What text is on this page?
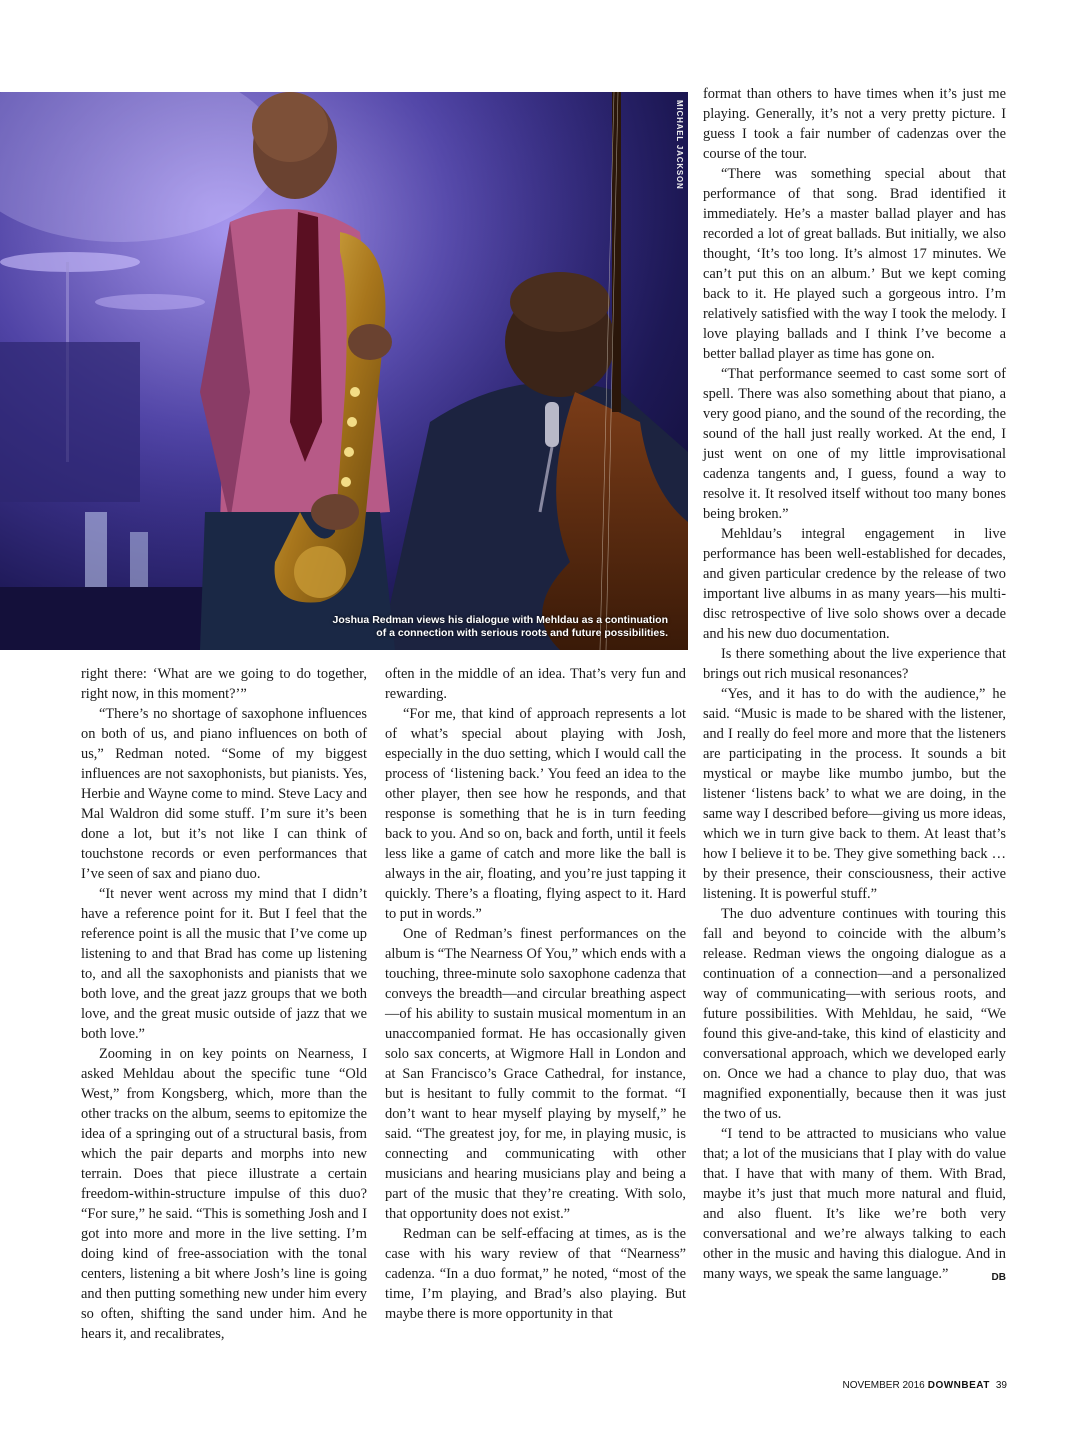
MICHAEL JACKSON
Joshua Redman views his dialogue with Mehldau as a continuation
of a connection with serious roots and future possibilities.

right there: ‘What are we going to do together, right now, in this moment?’”

“There’s no shortage of saxophone influences on both of us, and piano influences on both of us,” Redman noted. “Some of my biggest influences are not saxophonists, but pianists. Yes, Herbie and Wayne come to mind. Steve Lacy and Mal Waldron did some stuff. I’m sure it’s been done a lot, but it’s not like I can think of touchstone records or even performances that I’ve seen of sax and piano duo.

“It never went across my mind that I didn’t have a reference point for it. But I feel that the reference point is all the music that I’ve come up listening to and that Brad has come up listening to, and all the saxophonists and pianists that we both love, and the great jazz groups that we both love, and the great music outside of jazz that we both love.”

Zooming in on key points on Nearness, I asked Mehldau about the specific tune “Old West,” from Kongsberg, which, more than the other tracks on the album, seems to epitomize the idea of a springing out of a structural basis, from which the pair departs and morphs into new terrain. Does that piece illustrate a certain freedom-within-structure impulse of this duo? “For sure,” he said. “This is something Josh and I got into more and more in the live setting. I’m doing kind of free-association with the tonal centers, listening a bit where Josh’s line is going and then putting something new under him every so often, shifting the sand under him. And he hears it, and recalibrates,

often in the middle of an idea. That’s very fun and rewarding.

“For me, that kind of approach represents a lot of what’s special about playing with Josh, especially in the duo setting, which I would call the process of ‘listening back.’ You feed an idea to the other player, then see how he responds, and that response is something that he is in turn feeding back to you. And so on, back and forth, until it feels less like a game of catch and more like the ball is always in the air, floating, and you’re just tapping it quickly. There’s a floating, flying aspect to it. Hard to put in words.”

One of Redman’s finest performances on the album is “The Nearness Of You,” which ends with a touching, three-minute solo saxophone cadenza that conveys the breadth—and circular breathing aspect—of his ability to sustain musical momentum in an unaccompanied format. He has occasionally given solo sax concerts, at Wigmore Hall in London and at San Francisco’s Grace Cathedral, for instance, but is hesitant to fully commit to the format. “I don’t want to hear myself playing by myself,” he said. “The greatest joy, for me, in playing music, is connecting and communicating with other musicians and hearing musicians play and being a part of the music that they’re creating. With solo, that opportunity does not exist.”

Redman can be self-effacing at times, as is the case with his wary review of that “Nearness” cadenza. “In a duo format,” he noted, “most of the time, I’m playing, and Brad’s also playing. But maybe there is more opportunity in that

format than others to have times when it’s just me playing. Generally, it’s not a very pretty picture. I guess I took a fair number of cadenzas over the course of the tour.

“There was something special about that performance of that song. Brad identified it immediately. He’s a master ballad player and has recorded a lot of great ballads. But initially, we also thought, ‘It’s too long. It’s almost 17 minutes. We can’t put this on an album.’ But we kept coming back to it. He played such a gorgeous intro. I’m relatively satisfied with the way I took the melody. I love playing ballads and I think I’ve become a better ballad player as time has gone on.

“That performance seemed to cast some sort of spell. There was also something about that piano, a very good piano, and the sound of the recording, the sound of the hall just really worked. At the end, I just went on one of my little improvisational cadenza tangents and, I guess, found a way to resolve it. It resolved itself without too many bones being broken.”

Mehldau’s integral engagement in live performance has been well-established for decades, and given particular credence by the release of two important live albums in as many years—his multi-disc retrospective of live solo shows over a decade and his new duo documentation.

Is there something about the live experience that brings out rich musical resonances?

“Yes, and it has to do with the audience,” he said. “Music is made to be shared with the listener, and I really do feel more and more that the listeners are participating in the process. It sounds a bit mystical or maybe like mumbo jumbo, but the listener ‘listens back’ to what we are doing, in the same way I described before—giving us more ideas, which we in turn give back to them. At least that’s how I believe it to be. They give something back … by their presence, their consciousness, their active listening. It is powerful stuff.”

The duo adventure continues with touring this fall and beyond to coincide with the album’s release. Redman views the ongoing dialogue as a continuation of a connection—and a personalized way of communicating—with serious roots, and future possibilities. With Mehldau, he said, “We found this give-and-take, this kind of elasticity and conversational approach, which we developed early on. Once we had a chance to play duo, that was magnified exponentially, because then it was just the two of us.

“I tend to be attracted to musicians who value that; a lot of the musicians that I play with do value that. I have that with many of them. With Brad, maybe it’s just that much more natural and fluid, and also fluent. It’s like we’re both very conversational and we’re always talking to each other in the music and having this dialogue. And in many ways, we speak the same language.”	DB

NOVEMBER 2016 DOWNBEAT 39
